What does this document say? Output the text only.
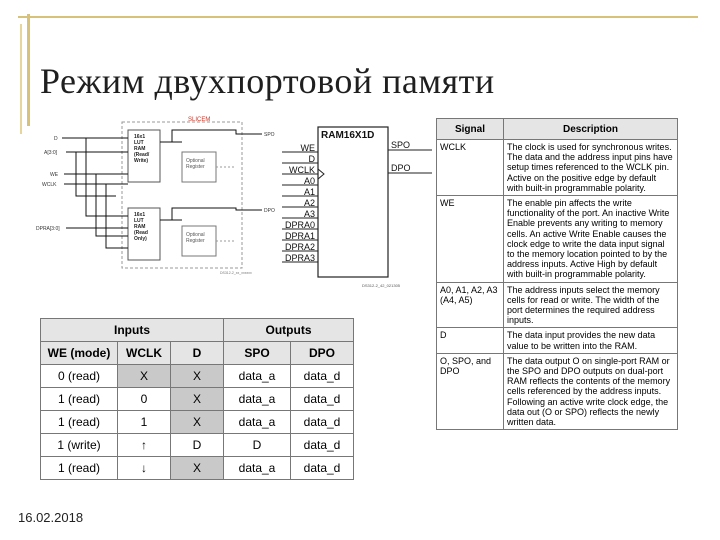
Режим двухпортовой памяти
SLICEM
16x1 LUT RAM (Read/ Write)	Optional Register
16x1 LUT RAM (Read Only)
Optional Register
D A[3:0] WE WCLK DPRA[3:0]
SPO DPO
DS312-2_xx_xxxxxx
RAM16X1D
WE
D
WCLK
A0
A1
A2
A3
DPRA0
DPRA1
DPRA2
DPRA3
SPO
DPO
DS312-2_42_021305
Inputs			Outputs	
WE (mode)	WCLK	D	SPO	DPO
0 (read)	X	X	data_a	data_d
1 (read)	0	X	data_a	data_d
1 (read)	1	X	data_a	data_d
1 (write)	↑	D	D	data_d
1 (read)	↓	X	data_a	data_d
Signal	Description
WCLK	The clock is used for synchronous writes. The data and the address input pins have setup times referenced to the WCLK pin. Active on the positive edge by default with built-in programmable polarity.
WE	The enable pin affects the write functionality of the port. An inactive Write Enable prevents any writing to memory cells. An active Write Enable causes the clock edge to write the data input signal to the memory location pointed to by the address inputs. Active High by default with built-in programmable polarity.
A0, A1, A2, A3 (A4, A5)	The address inputs select the memory cells for read or write. The width of the port determines the required address inputs.
D	The data input provides the new data value to be written into the RAM.
O, SPO, and DPO	The data output O on single-port RAM or the SPO and DPO outputs on dual-port RAM reflects the contents of the memory cells referenced by the address inputs. Following an active write clock edge, the data out (O or SPO) reflects the newly written data.
16.02.2018
